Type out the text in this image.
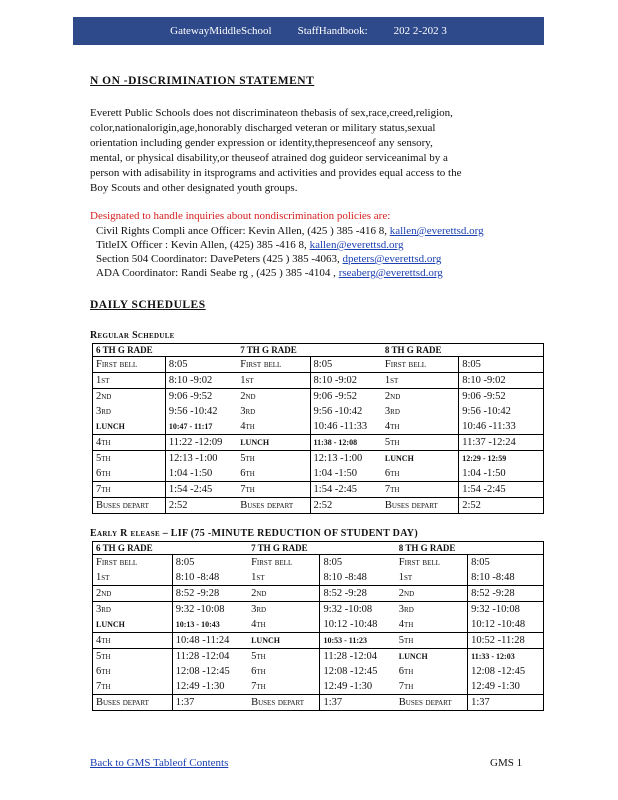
GatewayMiddleSchool StaffHandbook: 202 2-202 3
N ON -DISCRIMINATION STATEMENT
Everett Public Schools does not discriminateon thebasis of sex,race,creed,religion,
color,nationalorigin,age,honorably discharged veteran or military status,sexual
orientation including gender expression or identity,thepresenceof any sensory,
mental, or physical disability,or theuseof atrained dog guideor serviceanimal by a
person with adisability in itsprograms and activities and provides equal access to the
Boy Scouts and other designated youth groups.
Designated to handle inquiries about nondiscrimination policies are:
Civil Rights Compli ance Officer: Kevin Allen, (425 ) 385 -416 8, kallen@everettsd.org
TitleIX Officer : Kevin Allen, (425) 385 -416 8, kallen@everettsd.org
Section 504 Coordinator: DavePeters (425 ) 385 -4063, dpeters@everettsd.org
ADA Coordinator: Randi Seabe rg , (425 ) 385 -4104 , rseaberg@everettsd.org
DAILY SCHEDULES
Regular Schedule
6 TH G RADE		7 TH G RADE		8 TH G RADE	
First bell	8:05	First bell	8:05	First bell	8:05
1st	8:10 -9:02	1st	8:10 -9:02	1st	8:10 -9:02
2nd	9:06 -9:52	2nd	9:06 -9:52	2nd	9:06 -9:52
3rd	9:56 -10:42	3rd	9:56 -10:42	3rd	9:56 -10:42
LUNCH	10:47 - 11:17	4th	10:46 -11:33	4th	10:46 -11:33
4th	11:22 -12:09	LUNCH	11:38 - 12:08	5th	11:37 -12:24
5th	12:13 -1:00	5th	12:13 -1:00	LUNCH	12:29 - 12:59
6th	1:04 -1:50	6th	1:04 -1:50	6th	1:04 -1:50
7th	1:54 -2:45	7th	1:54 -2:45	7th	1:54 -2:45
Buses depart	2:52	Buses depart	2:52	Buses depart	2:52
Early R elease – LIF (75 -MINUTE REDUCTION OF STUDENT DAY)
6 TH G RADE		7 TH G RADE		8 TH G RADE	
First bell	8:05	First bell	8:05	First bell	8:05
1st	8:10 -8:48	1st	8:10 -8:48	1st	8:10 -8:48
2nd	8:52 -9:28	2nd	8:52 -9:28	2nd	8:52 -9:28
3rd	9:32 -10:08	3rd	9:32 -10:08	3rd	9:32 -10:08
LUNCH	10:13 - 10:43	4th	10:12 -10:48	4th	10:12 -10:48
4th	10:48 -11:24	LUNCH	10:53 - 11:23	5th	10:52 -11:28
5th	11:28 -12:04	5th	11:28 -12:04	LUNCH	11:33 - 12:03
6th	12:08 -12:45	6th	12:08 -12:45	6th	12:08 -12:45
7th	12:49 -1:30	7th	12:49 -1:30	7th	12:49 -1:30
Buses depart	1:37	Buses depart	1:37	Buses depart	1:37
Back to GMS Tableof Contents	GMS 1
